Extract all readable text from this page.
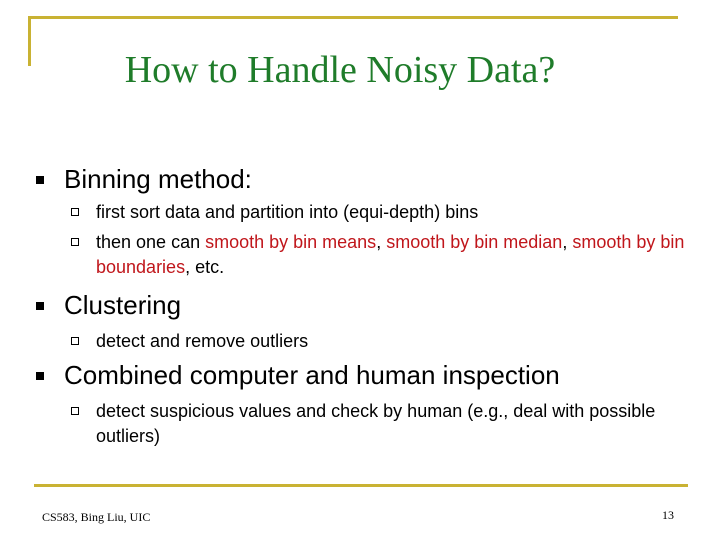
How to Handle Noisy Data?
Binning method:
first sort data and partition into (equi-depth) bins
then one can smooth by bin means, smooth by bin median, smooth by bin boundaries, etc.
Clustering
detect and remove outliers
Combined computer and human inspection
detect suspicious values and check by human (e.g., deal with possible outliers)
CS583, Bing Liu, UIC	13
